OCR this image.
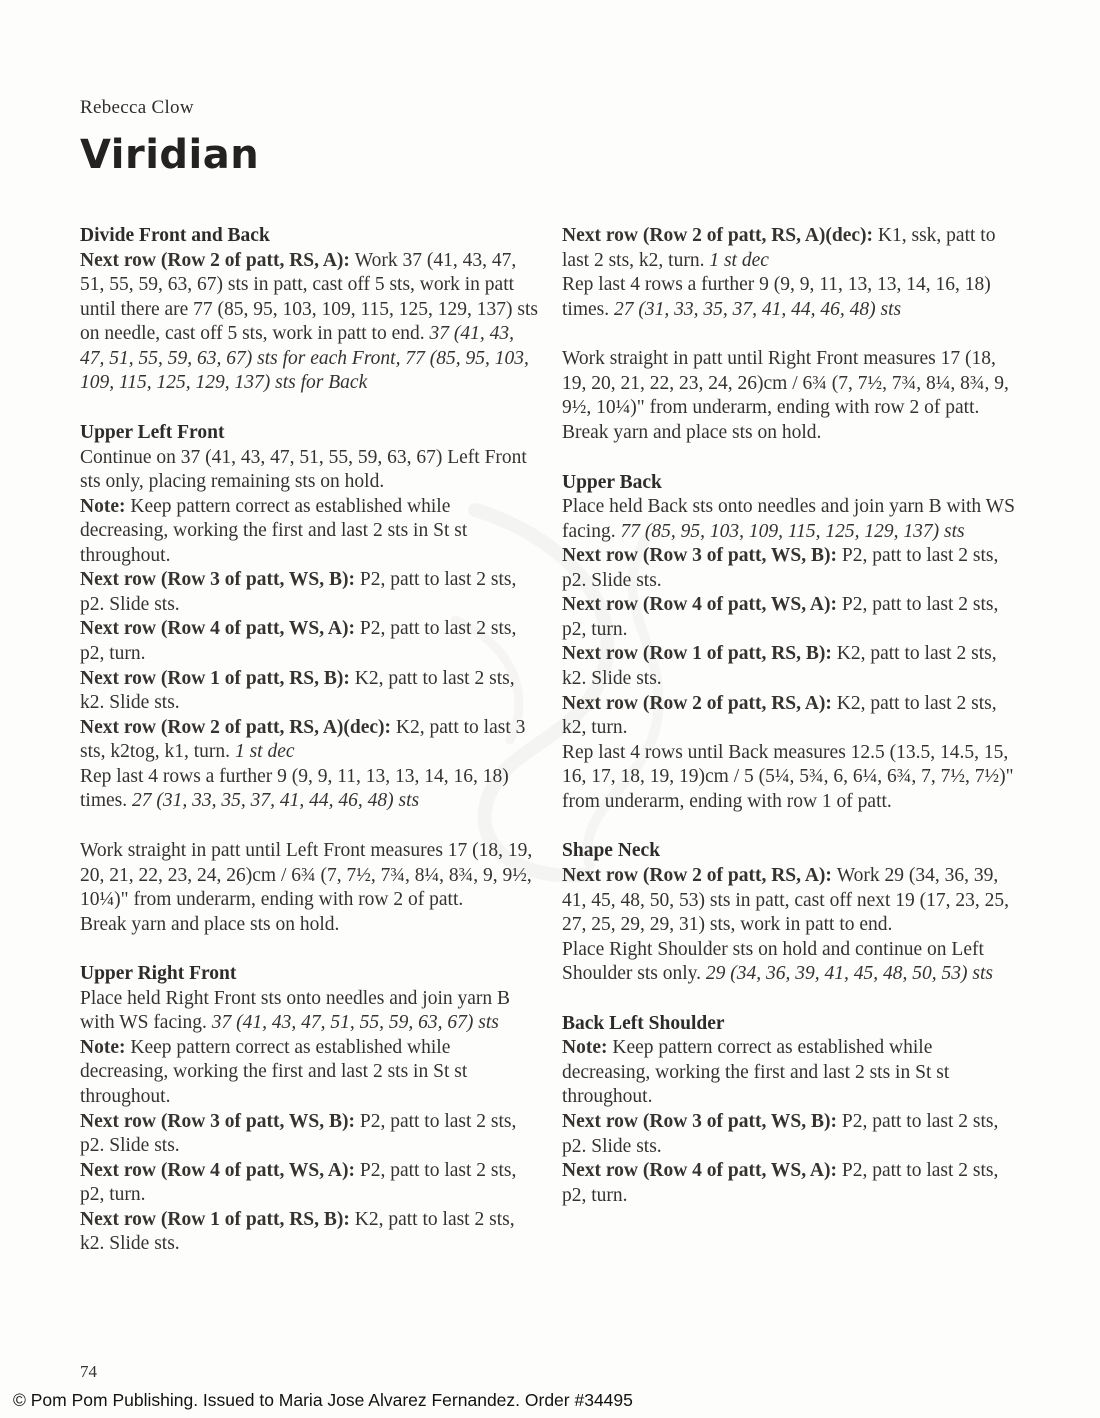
Rebecca Clow
Viridian
Divide Front and Back

Next row (Row 2 of patt, RS, A): Work 37 (41, 43, 47, 51, 55, 59, 63, 67) sts in patt, cast off 5 sts, work in patt until there are 77 (85, 95, 103, 109, 115, 125, 129, 137) sts on needle, cast off 5 sts, work in patt to end. 37 (41, 43, 47, 51, 55, 59, 63, 67) sts for each Front, 77 (85, 95, 103, 109, 115, 125, 129, 137) sts for Back

Upper Left Front

Continue on 37 (41, 43, 47, 51, 55, 59, 63, 67) Left Front sts only, placing remaining sts on hold.

Note: Keep pattern correct as established while decreasing, working the first and last 2 sts in St st throughout.

Next row (Row 3 of patt, WS, B): P2, patt to last 2 sts, p2. Slide sts.

Next row (Row 4 of patt, WS, A): P2, patt to last 2 sts, p2, turn.

Next row (Row 1 of patt, RS, B): K2, patt to last 2 sts, k2. Slide sts.

Next row (Row 2 of patt, RS, A)(dec): K2, patt to last 3 sts, k2tog, k1, turn. 1 st dec

Rep last 4 rows a further 9 (9, 9, 11, 13, 13, 14, 16, 18) times. 27 (31, 33, 35, 37, 41, 44, 46, 48) sts

Work straight in patt until Left Front measures 17 (18, 19, 20, 21, 22, 23, 24, 26)cm / 6¾ (7, 7½, 7¾, 8¼, 8¾, 9, 9½, 10¼)" from underarm, ending with row 2 of patt.

Break yarn and place sts on hold.

Upper Right Front

Place held Right Front sts onto needles and join yarn B with WS facing. 37 (41, 43, 47, 51, 55, 59, 63, 67) sts

Note: Keep pattern correct as established while decreasing, working the first and last 2 sts in St st throughout.

Next row (Row 3 of patt, WS, B): P2, patt to last 2 sts, p2. Slide sts.

Next row (Row 4 of patt, WS, A): P2, patt to last 2 sts, p2, turn.

Next row (Row 1 of patt, RS, B): K2, patt to last 2 sts, k2. Slide sts.

Next row (Row 2 of patt, RS, A)(dec): K1, ssk, patt to last 2 sts, k2, turn. 1 st dec

Rep last 4 rows a further 9 (9, 9, 11, 13, 13, 14, 16, 18) times. 27 (31, 33, 35, 37, 41, 44, 46, 48) sts

Work straight in patt until Right Front measures 17 (18, 19, 20, 21, 22, 23, 24, 26)cm / 6¾ (7, 7½, 7¾, 8¼, 8¾, 9, 9½, 10¼)" from underarm, ending with row 2 of patt.

Break yarn and place sts on hold.

Upper Back

Place held Back sts onto needles and join yarn B with WS facing. 77 (85, 95, 103, 109, 115, 125, 129, 137) sts

Next row (Row 3 of patt, WS, B): P2, patt to last 2 sts, p2. Slide sts.

Next row (Row 4 of patt, WS, A): P2, patt to last 2 sts, p2, turn.

Next row (Row 1 of patt, RS, B): K2, patt to last 2 sts, k2. Slide sts.

Next row (Row 2 of patt, RS, A): K2, patt to last 2 sts, k2, turn.

Rep last 4 rows until Back measures 12.5 (13.5, 14.5, 15, 16, 17, 18, 19, 19)cm / 5 (5¼, 5¾, 6, 6¼, 6¾, 7, 7½, 7½)" from underarm, ending with row 1 of patt.

Shape Neck

Next row (Row 2 of patt, RS, A): Work 29 (34, 36, 39, 41, 45, 48, 50, 53) sts in patt, cast off next 19 (17, 23, 25, 27, 25, 29, 29, 31) sts, work in patt to end.

Place Right Shoulder sts on hold and continue on Left Shoulder sts only. 29 (34, 36, 39, 41, 45, 48, 50, 53) sts

Back Left Shoulder

Note: Keep pattern correct as established while decreasing, working the first and last 2 sts in St st throughout.

Next row (Row 3 of patt, WS, B): P2, patt to last 2 sts, p2. Slide sts.

Next row (Row 4 of patt, WS, A): P2, patt to last 2 sts, p2, turn.

74
© Pom Pom Publishing. Issued to Maria Jose Alvarez Fernandez. Order #34495
